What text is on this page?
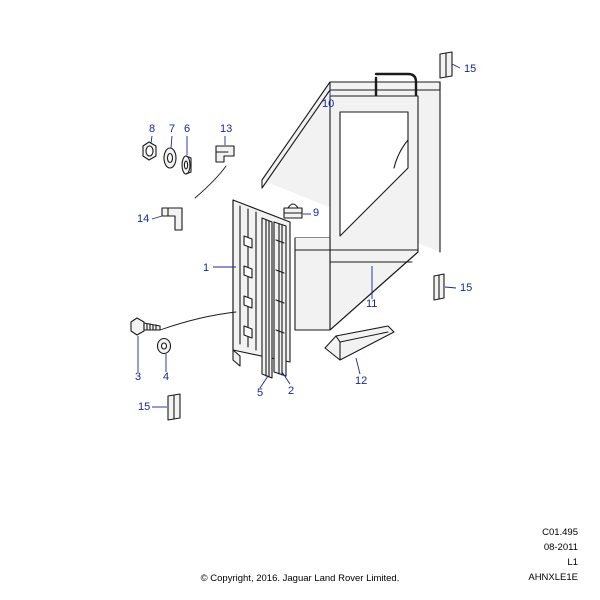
1
2
3 4
5
6
7
8
9
10
11
12
13
14
15
15
15
C01.495
08-2011
L1
AHNXLE1E
© Copyright, 2016. Jaguar Land Rover Limited.
